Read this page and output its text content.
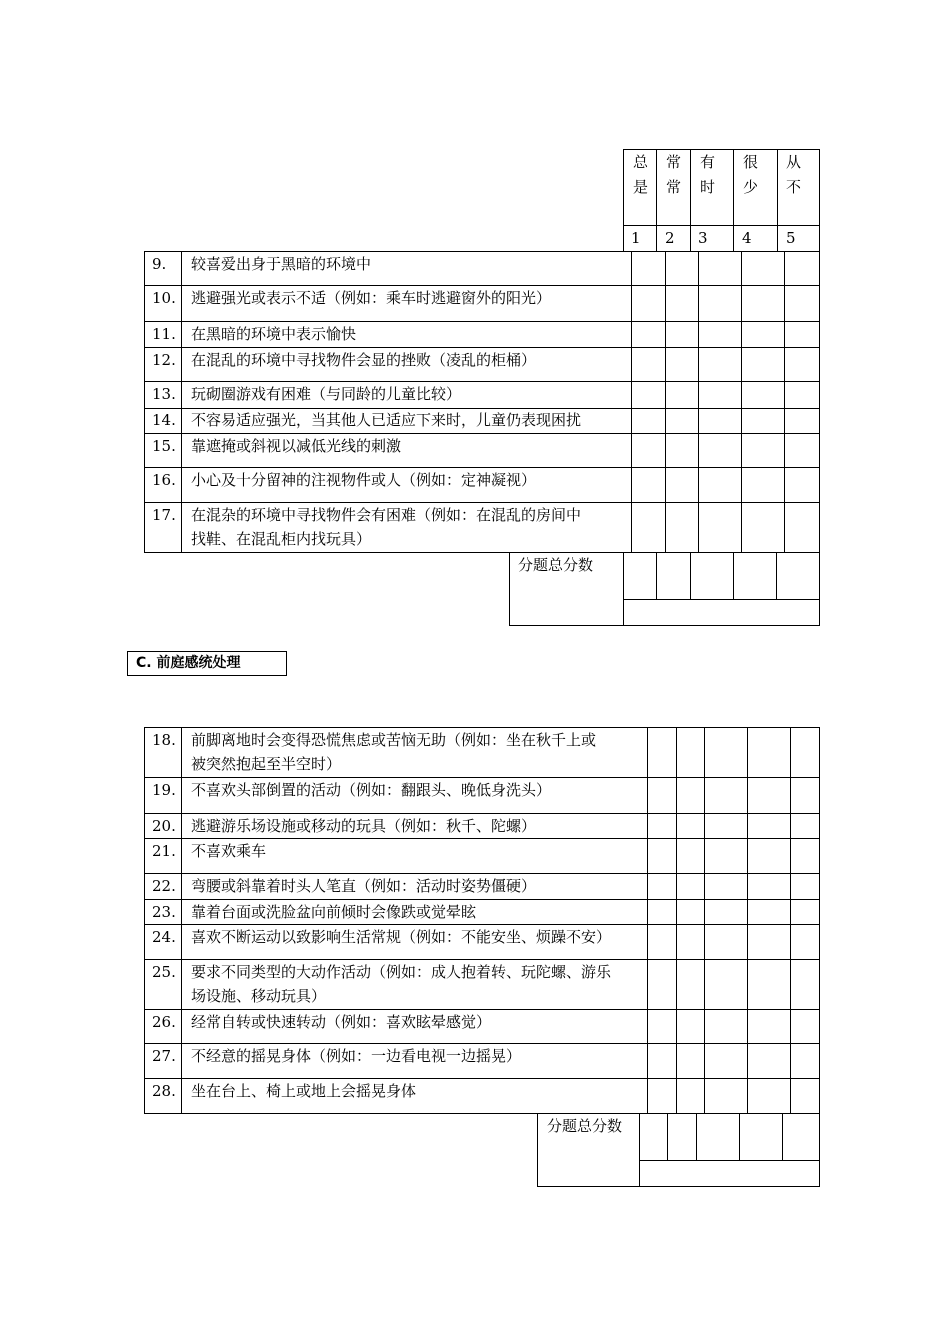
总
是
常
常
有
时
很
少
从
不
1 2 3 4 5
9. 较喜爱出身于黑暗的环境中
10. 逃避强光或表示不适（例如：乘车时逃避窗外的阳光）
11. 在黑暗的环境中表示愉快
12. 在混乱的环境中寻找物件会显的挫败（凌乱的柜桶）
13. 玩砌圈游戏有困难（与同龄的儿童比较）
14. 不容易适应强光，当其他人已适应下来时，儿童仍表现困扰
15. 靠遮掩或斜视以减低光线的刺激
16. 小心及十分留神的注视物件或人（例如：定神凝视）
17. 在混杂的环境中寻找物件会有困难（例如：在混乱的房间中
找鞋、在混乱柜内找玩具）
分题总分数
C. 前庭感统处理
18. 前脚离地时会变得恐慌焦虑或苦恼无助（例如：坐在秋千上或
被突然抱起至半空时）
19. 不喜欢头部倒置的活动（例如：翻跟头、晚低身洗头）
20. 逃避游乐场设施或移动的玩具（例如：秋千、陀螺）
21. 不喜欢乘车
22. 弯腰或斜靠着时头人笔直（例如：活动时姿势僵硬）
23. 靠着台面或洗脸盆向前倾时会像跌或觉晕眩
24. 喜欢不断运动以致影响生活常规（例如：不能安坐、烦躁不安）
25. 要求不同类型的大动作活动（例如：成人抱着转、玩陀螺、游乐
场设施、移动玩具）
26. 经常自转或快速转动（例如：喜欢眩晕感觉）
27. 不经意的摇晃身体（例如：一边看电视一边摇晃）
28. 坐在台上、椅上或地上会摇晃身体
分题总分数
